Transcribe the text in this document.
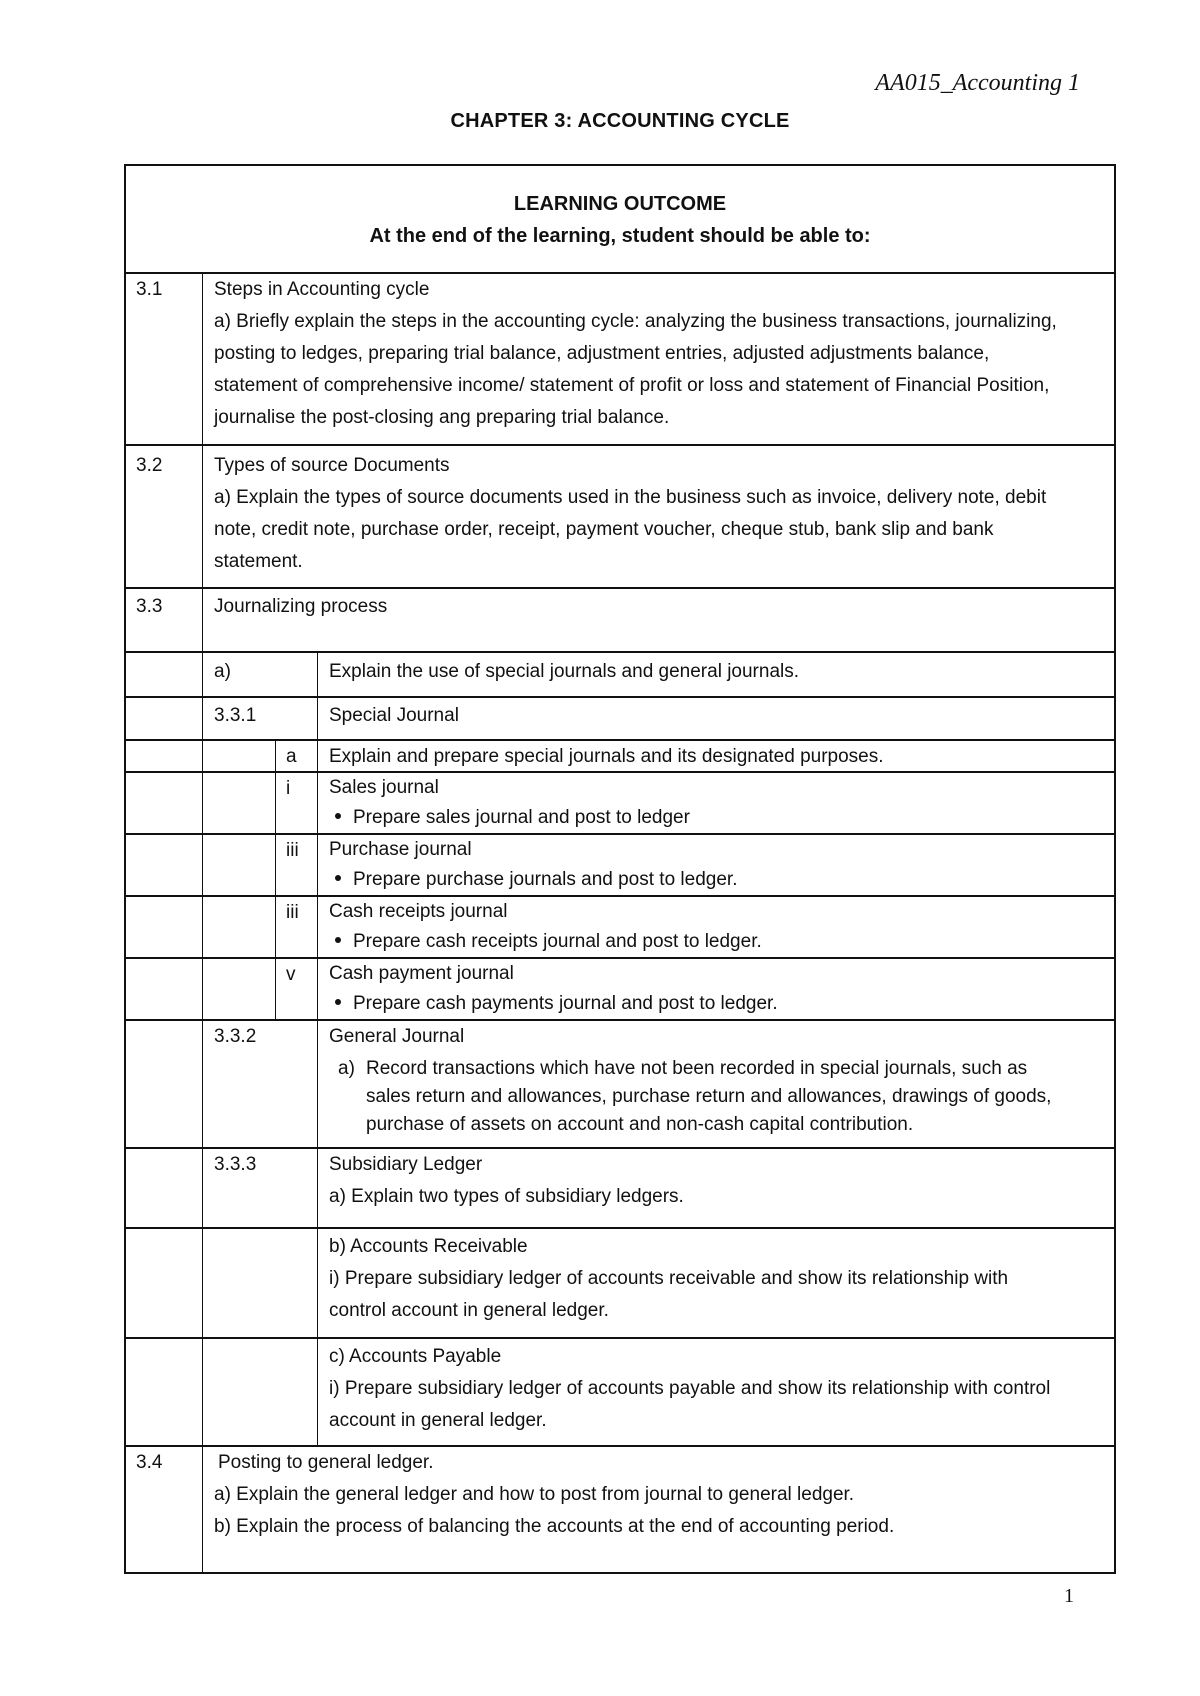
AA015_Accounting 1
CHAPTER 3: ACCOUNTING CYCLE
LEARNING OUTCOME
At the end of the learning, student should be able to:
3.1	Steps in Accounting cycle
a) Briefly explain the steps in the accounting cycle: analyzing the business transactions, journalizing,
posting to ledges, preparing trial balance, adjustment entries, adjusted adjustments balance,
statement of comprehensive income/ statement of profit or loss and statement of Financial Position,
journalise the post-closing ang preparing trial balance.
3.2	Types of source Documents
a) Explain the types of source documents used in the business such as invoice, delivery note, debit
note, credit note, purchase order, receipt, payment voucher, cheque stub, bank slip and bank
statement.
3.3	Journalizing process
a)	Explain the use of special journals and general journals.
3.3.1	Special Journal
a Explain and prepare special journals and its designated purposes.
i Sales journal
Prepare sales journal and post to ledger
iii Purchase journal
Prepare purchase journals and post to ledger.
iii Cash receipts journal
Prepare cash receipts journal and post to ledger.
v Cash payment journal
Prepare cash payments journal and post to ledger.
3.3.2	General Journal
a) Record transactions which have not been recorded in special journals, such as
sales return and allowances, purchase return and allowances, drawings of goods,
purchase of assets on account and non-cash capital contribution.
3.3.3	Subsidiary Ledger
a) Explain two types of subsidiary ledgers.
b) Accounts Receivable
i) Prepare subsidiary ledger of accounts receivable and show its relationship with
control account in general ledger.
c) Accounts Payable
i) Prepare subsidiary ledger of accounts payable and show its relationship with control
account in general ledger.
3.4	Posting to general ledger.
a) Explain the general ledger and how to post from journal to general ledger.
b) Explain the process of balancing the accounts at the end of accounting period.
1
